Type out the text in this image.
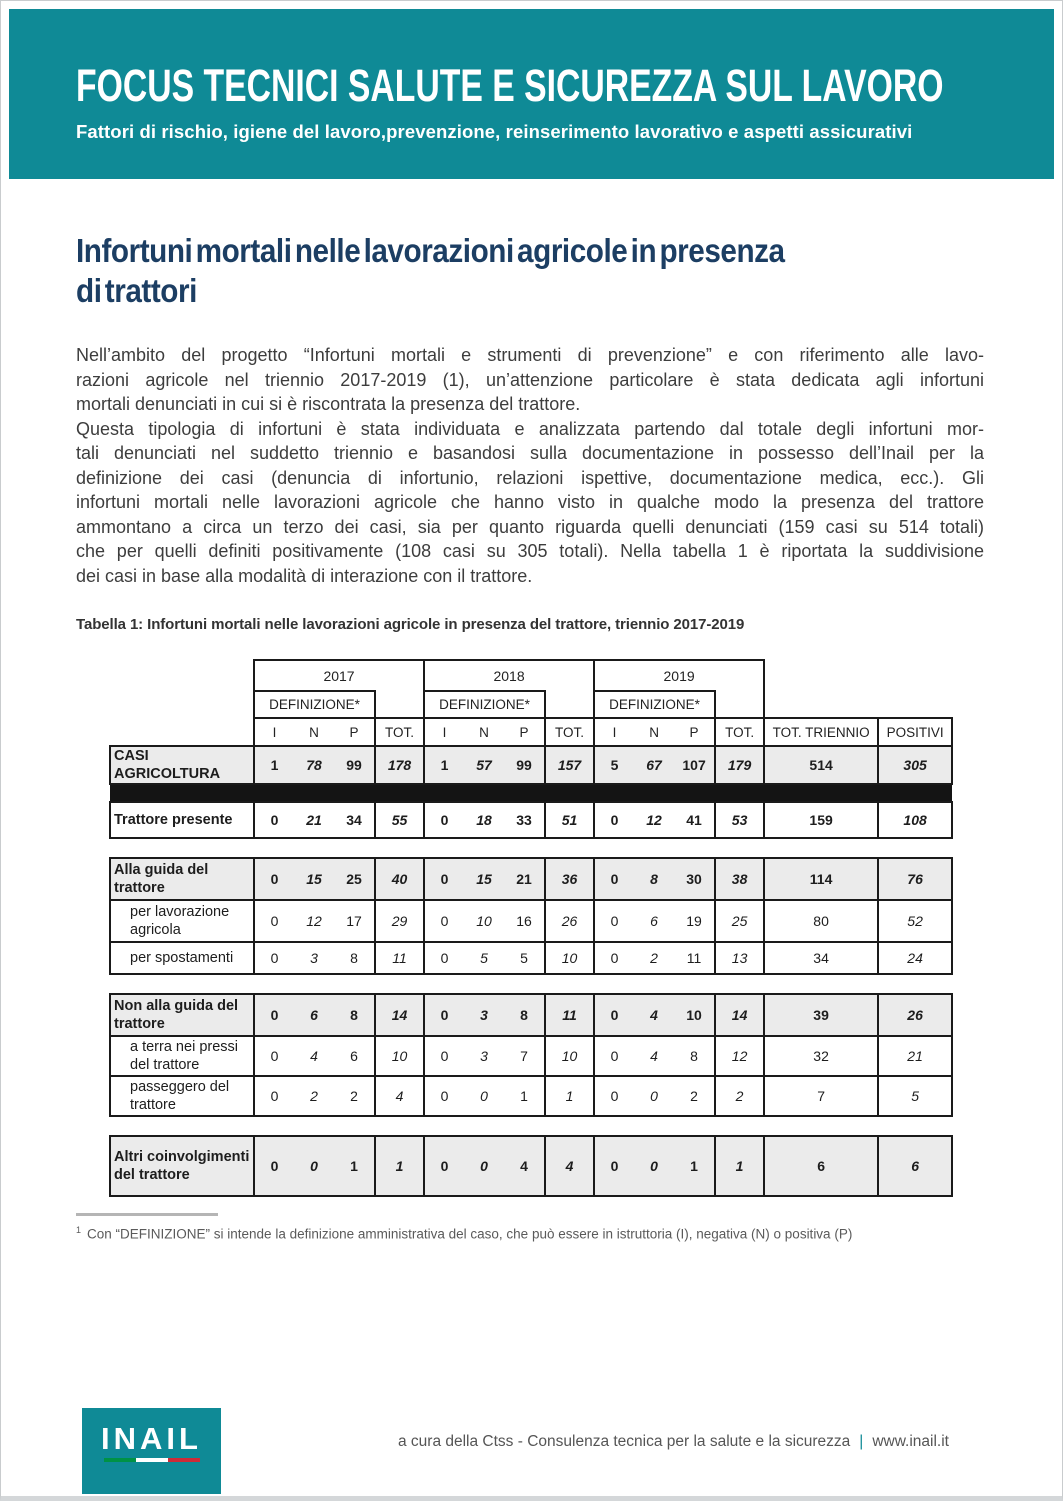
FOCUS TECNICI SALUTE E SICUREZZA SUL LAVORO
Fattori di rischio, igiene del lavoro,prevenzione, reinserimento lavorativo e aspetti assicurativi
Infortuni mortali nelle lavorazioni agricole in presenza
di trattori
Nell’ambito del progetto “Infortuni mortali e strumenti di prevenzione” e con riferimento alle lavo-
razioni agricole nel triennio 2017-2019 (1), un’attenzione particolare è stata dedicata agli infortuni
mortali denunciati in cui si è riscontrata la presenza del trattore.
Questa tipologia di infortuni è stata individuata e analizzata partendo dal totale degli infortuni mor-
tali denunciati nel suddetto triennio e basandosi sulla documentazione in possesso dell’Inail per la
definizione dei casi (denuncia di infortunio, relazioni ispettive, documentazione medica, ecc.). Gli
infortuni mortali nelle lavorazioni agricole che hanno visto in qualche modo la presenza del trattore
ammontano a circa un terzo dei casi, sia per quanto riguarda quelli denunciati (159 casi su 514 totali)
che per quelli definiti positivamente (108 casi su 305 totali). Nella tabella 1 è riportata la suddivisione
dei casi in base alla modalità di interazione con il trattore.
Tabella 1: Infortuni mortali nelle lavorazioni agricole in presenza del trattore, triennio 2017-2019
	2017				2018				2019					
	DEFINIZIONE*				DEFINIZIONE*				DEFINIZIONE*					
	I	N	P	TOT.	I	N	P	TOT.	I	N	P	TOT.	TOT. TRIENNIO	POSITIVI
CASI AGRICOLTURA	1	78	99	178	1	57	99	157	5	67	107	179	514	305

Trattore presente	0	21	34	55	0	18	33	51	0	12	41	53	159	108

Alla guida del trattore	0	15	25	40	0	15	21	36	0	8	30	38	114	76
per lavorazione agricola	0	12	17	29	0	10	16	26	0	6	19	25	80	52
per spostamenti	0	3	8	11	0	5	5	10	0	2	11	13	34	24

Non alla guida del trattore	0	6	8	14	0	3	8	11	0	4	10	14	39	26
a terra nei pressi del trattore	0	4	6	10	0	3	7	10	0	4	8	12	32	21
passeggero del trattore	0	2	2	4	0	0	1	1	0	0	2	2	7	5

Altri coinvolgimenti del trattore	0	0	1	1	0	0	4	4	0	0	1	1	6	6
$^1$ Con “DEFINIZIONE” si intende la definizione amministrativa del caso, che può essere in istruttoria (I), negativa (N) o positiva (P)
INAIL	a cura della Ctss - Consulenza tecnica per la salute e la sicurezza | www.inail.it
